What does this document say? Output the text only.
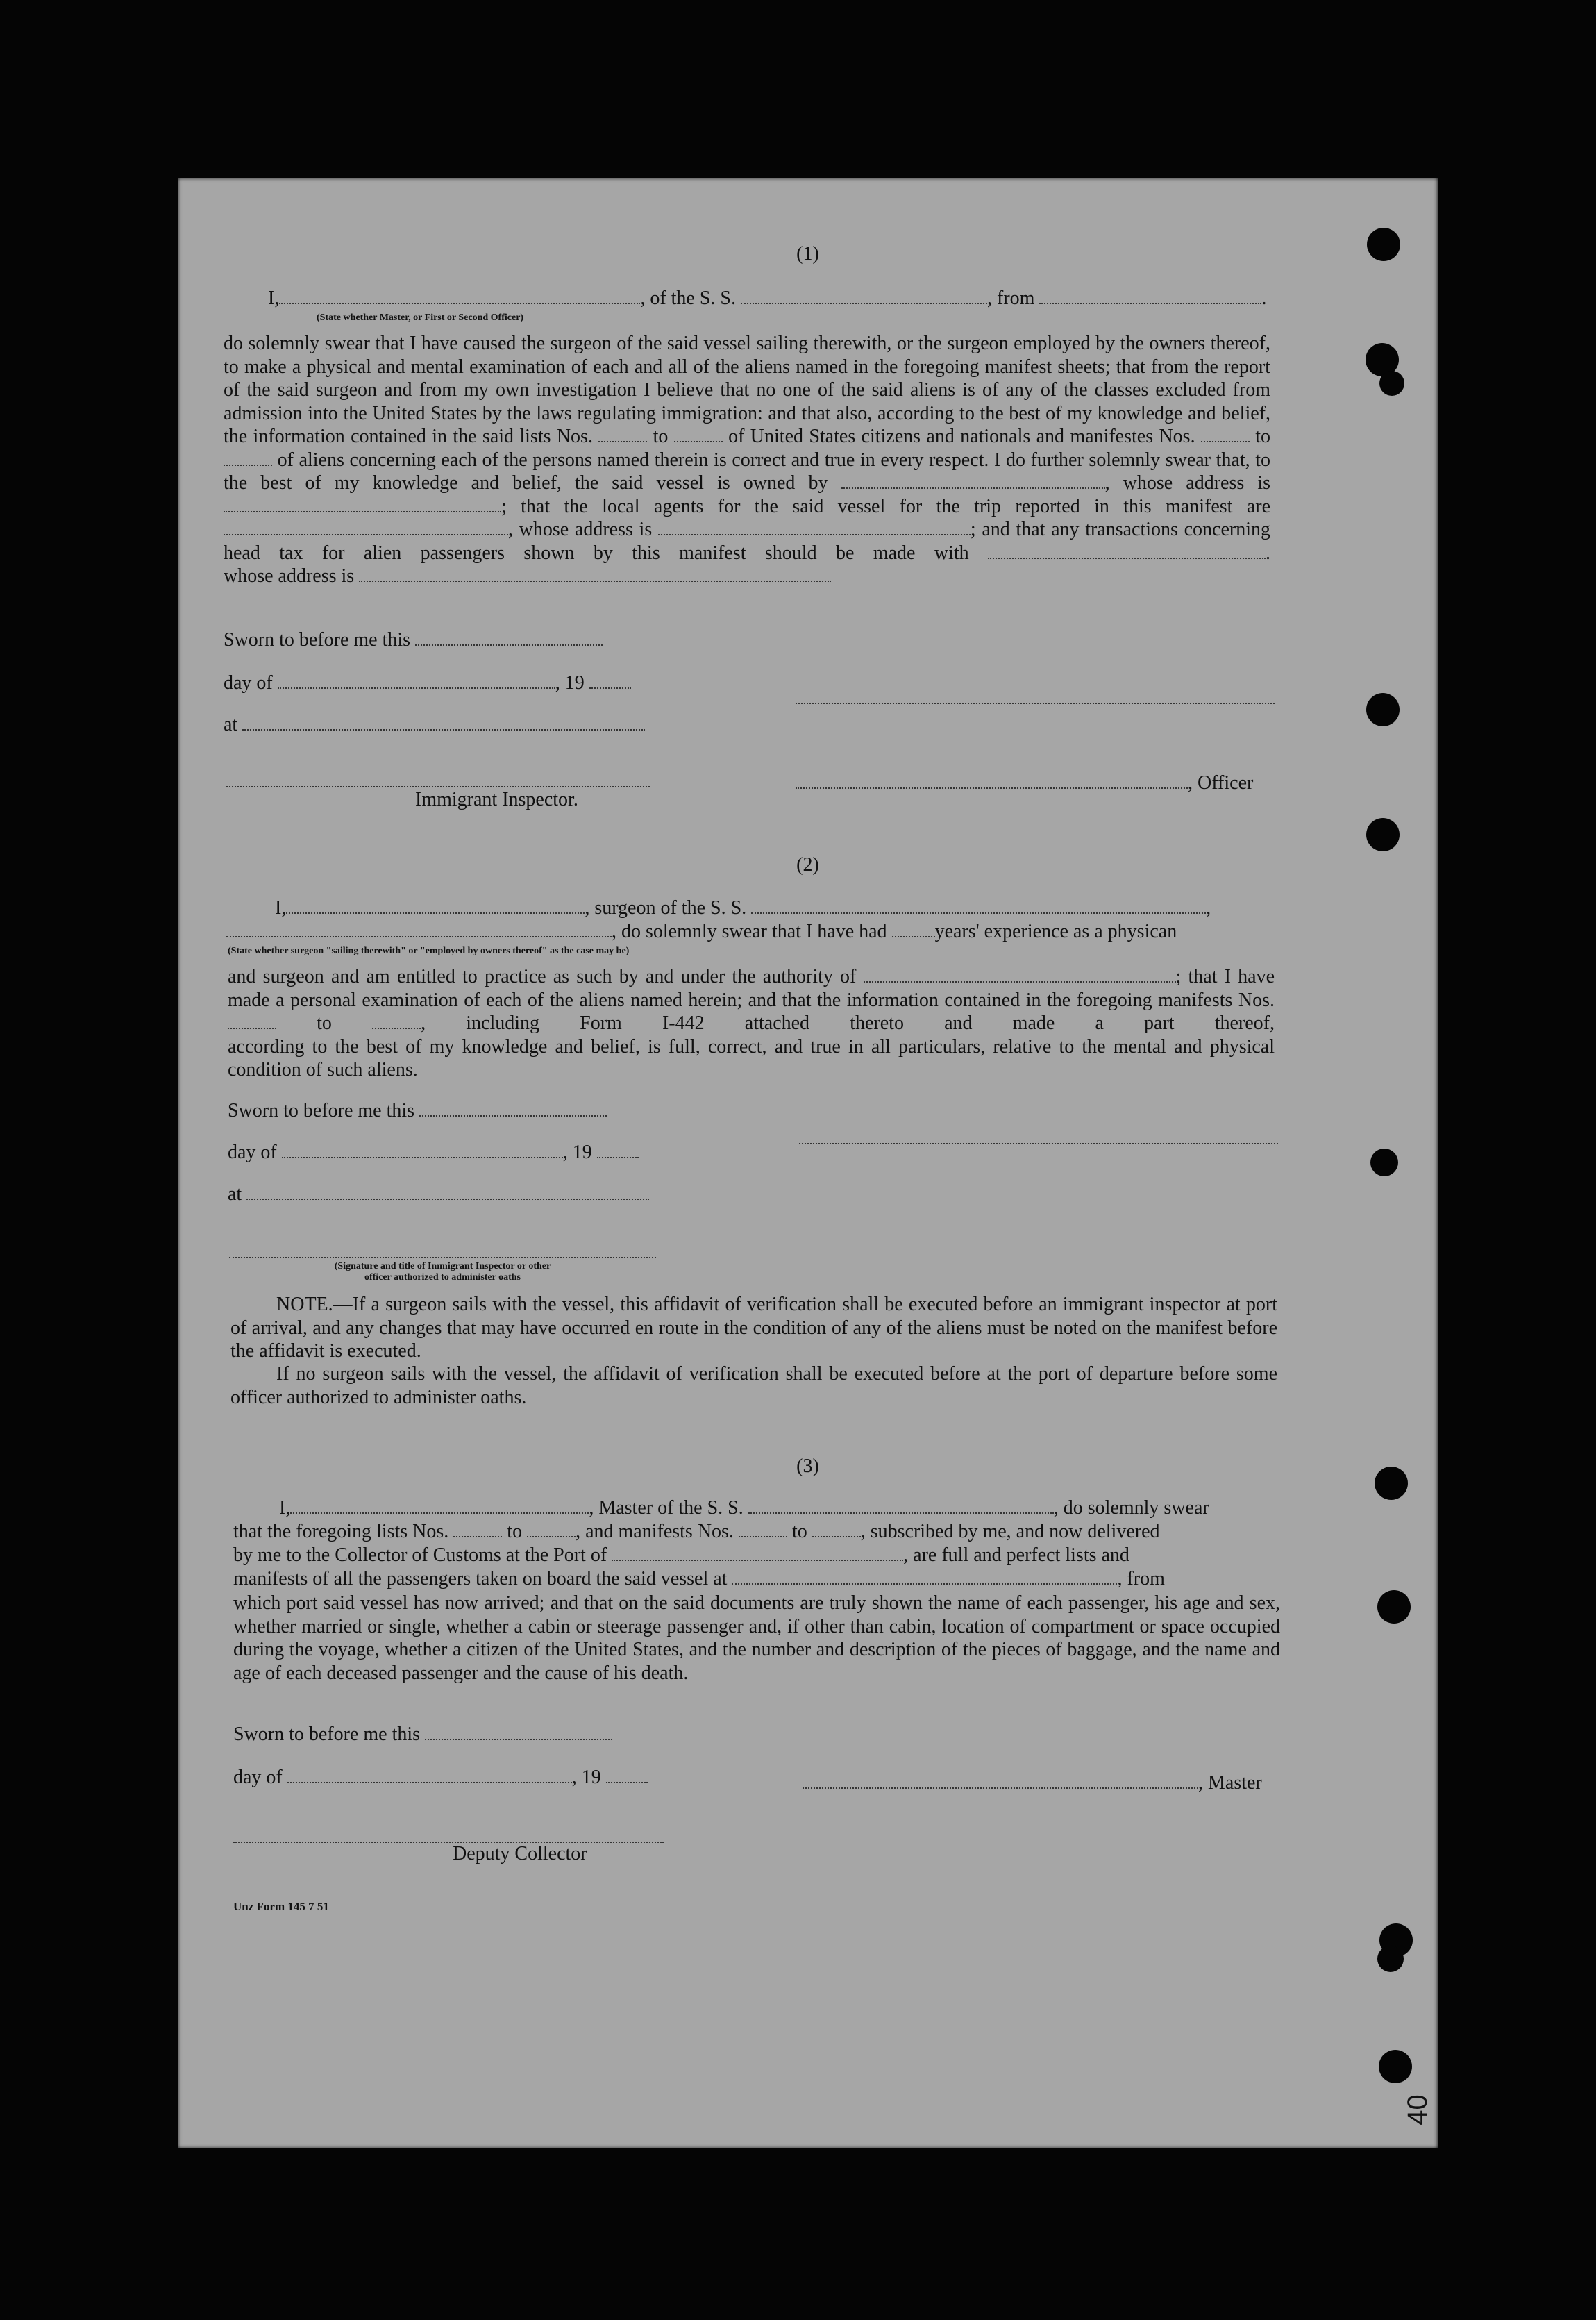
(1)
I,	, of the S. S.	, from	.
(State whether Master, or First or Second Officer)
do solemnly swear that I have caused the surgeon of the said vessel sailing therewith, or the surgeon employed by the owners thereof, to make a physical and mental examination of each and all of the aliens named in the foregoing manifest sheets; that from the report of the said surgeon and from my own investigation I believe that no one of the said aliens is of any of the classes excluded from admission into the United States by the laws regulating immigration: and that also, according to the best of my knowledge and belief, the information contained in the said lists Nos.	to	of United States citizens and nationals and manifestes Nos.	to  of aliens concerning each of the persons named therein is correct and true in every respect. I do further solemnly swear that, to the best of my knowledge and belief, the said vessel is owned by	, whose address is ; that the local agents for the said vessel for the trip reported in this manifest are , whose address is	; and that any transactions concerning head tax for alien passengers shown by this manifest should be made with	.
whose address is
Sworn to before me this
day of	, 19
at
, Officer
Immigrant Inspector.
(2)
I,	, surgeon of the S. S.	,
, do solemnly swear that I have had years' experience as a physican
(State whether surgeon "sailing therewith" or "employed by owners thereof" as the case may be)
and surgeon and am entitled to practice as such by and under the authority of	; that I have made a personal examination of each of the aliens named herein; and that the information contained in the foregoing manifests Nos.  to	, including Form I-442 attached thereto and made a part thereof,
according to the best of my knowledge and belief, is full, correct, and true in all particulars, relative to the mental and physical condition of such aliens.
Sworn to before me this
day of	, 19
at
(Signature and title of Immigrant Inspector or other
officer authorized to administer oaths
NOTE.—If a surgeon sails with the vessel, this affidavit of verification shall be executed before an immigrant inspector at port of arrival, and any changes that may have occurred en route in the condition of any of the aliens must be noted on the manifest before the affidavit is executed.
If no surgeon sails with the vessel, the affidavit of verification shall be executed before at the port of departure before some officer authorized to administer oaths.
(3)
I,	, Master of the S. S.	, do solemnly swear
that the foregoing lists Nos.	to	, and manifests Nos.	to	, subscribed by me, and now delivered
by me to the Collector of Customs at the Port of	, are full and perfect lists and
manifests of all the passengers taken on board the said vessel at	, from
which port said vessel has now arrived; and that on the said documents are truly shown the name of each passenger, his age and sex, whether married or single, whether a cabin or steerage passenger and, if other than cabin, location of compartment or space occupied during the voyage, whether a citizen of the United States, and the number and description of the pieces of baggage, and the name and age of each deceased passenger and the cause of his death.
Sworn to before me this
day of	, 19	, Master
Deputy Collector
Unz Form 145 7 51
40
